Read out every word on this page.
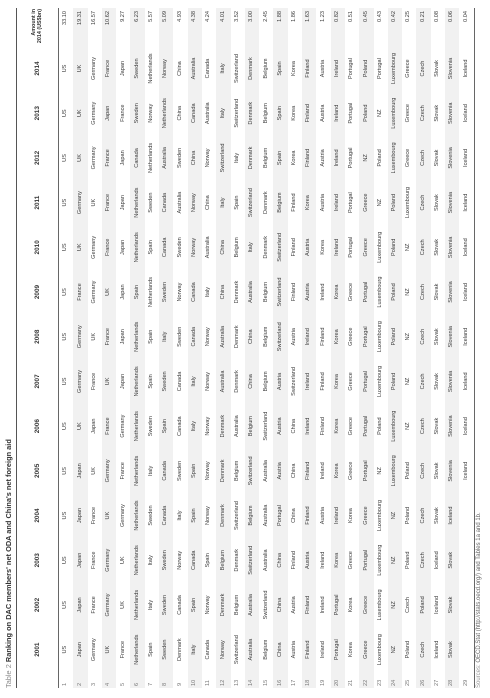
Table 2 Ranking on DAC members' net ODA and China's net foreign aid
		2001	2002	2003	2004	2005	2006	2007	2008	2009	2010	2011	2012	2013	2014	Amount in 2014 (US$bn)
1	US	US	US	US	US	US	US	US	US	US	US	US	US	US	33.10
2	Japan	Japan	Japan	Japan	Japan	UK	Germany	Germany	France	UK	Germany	UK	UK	UK	19.31
3	Germany	France	France	France	UK	Japan	France	UK	Germany	Germany	UK	Germany	Germany	Germany	16.57
4	UK	Germany	Germany	UK	Germany	France	UK	France	UK	France	France	France	Japan	France	10.62
5	France	UK	UK	Germany	France	Germany	Japan	Japan	Japan	Japan	Japan	Japan	France	Japan	9.27
6	Netherlands	Netherlands	Netherlands	Netherlands	Netherlands	Netherlands	Netherlands	Netherlands	Spain	Netherlands	Netherlands	Canada	Sweden	Sweden	6.23
7	Spain	Italy	Italy	Sweden	Italy	Sweden	Spain	Spain	Netherlands	Spain	Sweden	Netherlands	Norway	Netherlands	5.57
8	Sweden	Sweden	Sweden	Canada	Canada	Spain	Sweden	Italy	Sweden	Canada	Canada	Australia	Netherlands	Norway	5.09
9	Denmark	Canada	Norway	Italy	Sweden	Canada	Canada	Sweden	Norway	Sweden	Australia	Sweden	China	China	4.93
10	Italy	Spain	Canada	Spain	Spain	Italy	Italy	Canada	Canada	Norway	Norway	China	Canada	Australia	4.38
11	Canada	Norway	Spain	Norway	Norway	Norway	Norway	Norway	Italy	Australia	China	Norway	Australia	Canada	4.24
12	Norway	Denmark	Belgium	Denmark	Denmark	Denmark	Australia	Australia	China	China	Italy	Switzerland	Italy	Italy	4.01
13	Switzerland	Belgium	Denmark	Switzerland	Belgium	Australia	Denmark	Denmark	Denmark	Belgium	Spain	Italy	Switzerland	Switzerland	3.52
14	Australia	Australia	Switzerland	Belgium	Switzerland	Belgium	China	China	Australia	Italy	Switzerland	Denmark	Denmark	Denmark	3.00
15	Belgium	Switzerland	Australia	Australia	Australia	Switzerland	Belgium	Belgium	Belgium	Denmark	Denmark	Belgium	Belgium	Belgium	2.45
16	China	China	China	Portugal	Austria	Austria	Austria	Switzerland	Switzerland	Switzerland	Belgium	Spain	Spain	Spain	1.88
17	Austria	Austria	Finland	China	China	China	Switzerland	Austria	Finland	Finland	Finland	Korea	Korea	Korea	1.86
18	Finland	Finland	Austria	Finland	Finland	Ireland	Ireland	Ireland	Austria	Austria	Korea	Finland	Finland	Finland	1.63
19	Ireland	Ireland	Ireland	Austria	Ireland	Finland	Finland	Finland	Ireland	Korea	Austria	Austria	Austria	Austria	1.23
20	Portugal	Portugal	Korea	Ireland	Korea	Korea	Korea	Korea	Korea	Ireland	Ireland	Ireland	Ireland	Ireland	0.82
21	Korea	Korea	Greece	Korea	Greece	Greece	Greece	Greece	Greece	Portugal	Portugal	Portugal	Portugal	Portugal	0.51
22	Greece	Greece	Portugal	Greece	Portugal	Portugal	Portugal	Portugal	Portugal	Greece	Greece	NZ	Poland	Poland	0.45
23	Luxembourg	Luxembourg	Luxembourg	Luxembourg	NZ	Poland	Luxembourg	Luxembourg	Luxembourg	Luxembourg	NZ	Poland	NZ	Portugal	0.43
24	NZ	NZ	NZ	NZ	Luxembourg	Luxembourg	Poland	Poland	Poland	Poland	Poland	Luxembourg	Luxembourg	Luxembourg	0.42
25	Poland	Czech	Poland	Poland	Poland	NZ	NZ	NZ	NZ	NZ	Luxembourg	Greece	Greece	Greece	0.25
26	Czech	Poland	Czech	Czech	Czech	Czech	Czech	Czech	Czech	Czech	Czech	Czech	Czech	Czech	0.21
27	Iceland	Iceland	Iceland	Slovak	Slovak	Slovak	Slovak	Slovak	Slovak	Slovak	Slovak	Slovak	Slovak	Slovak	0.08
28	Slovak	Slovak	Slovak	Iceland	Slovenia	Slovenia	Slovenia	Slovenia	Slovenia	Slovenia	Slovenia	Slovenia	Slovenia	Slovenia	0.06
29					Iceland	Iceland	Iceland	Iceland	Iceland	Iceland	Iceland	Iceland	Iceland	Iceland	0.04
Sources: OECD.Stat (http://stats.oecd.org/) and Tables 1a and 1b.
